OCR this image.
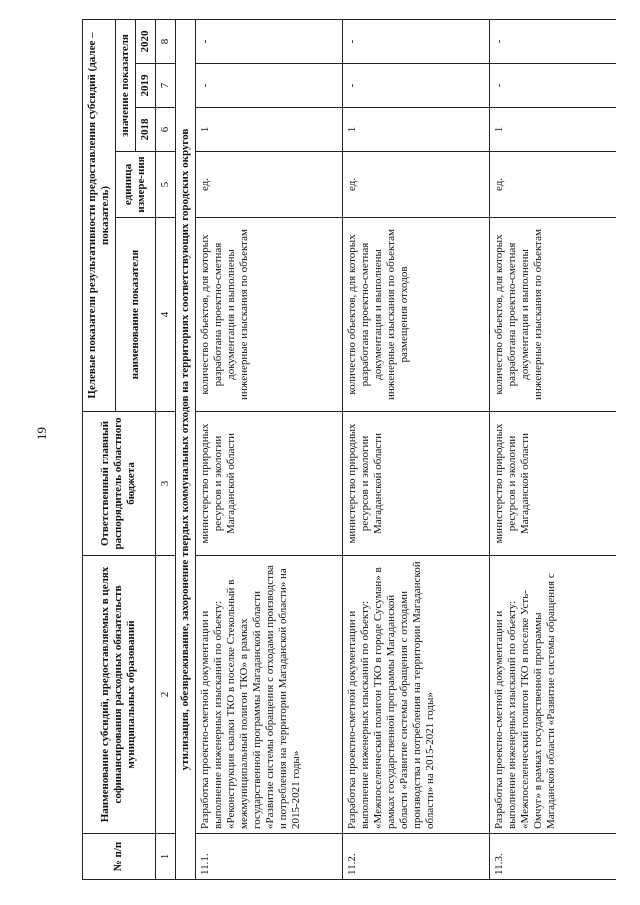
19
№ п/п	Наименование субсидий, предоставляемых в целях софинансирования расходных обязательств муниципальных образований	Ответственный главный распорядитель областного бюджета	Целевые показатели результативности предоставления субсидий (далее – показатель)				
			наименование показателя	единица измере-ния	значение показателя		
					2018	2019	2020
1	2	3	4	5	6	7	8
утилизация, обезвреживание, захоронение твердых коммунальных отходов на территориях соответствующих городских округов							
11.1.	Разработка проектно-сметной документации и выполнение инженерных изысканий по объекту: «Реконструкция свалки ТКО в поселке Стекольный в межмуниципальный полигон ТКО» в рамках государственной программы Магаданской области «Развитие системы обращения с отходами производства и потребления на территории Магаданской области» на 2015-2021 годы»	министерство природных ресурсов и экологии Магаданской области	количество объектов, для которых разработана проектно-сметная документация и выполнены инженерные изыскания по объектам	ед.	1	-	-
11.2.	Разработка проектно-сметной документации и выполнение инженерных изысканий по объекту: «Межпоселенческий полигон ТКО в городе Сусуман» в рамках государственной программы Магаданской области «Развитие системы обращения с отходами производства и потребления на территории Магаданской области» на 2015-2021 годы»	министерство природных ресурсов и экологии Магаданской области	количество объектов, для которых разработана проектно-сметная документация и выполнены инженерные изыскания по объектам размещения отходов	ед.	1	-	-
11.3.	Разработка проектно-сметной документации и выполнение инженерных изысканий по объекту: «Межпоселенческий полигон ТКО в поселке Усть-Омчуг» в рамках государственной программы Магаданской области «Развитие системы обращения с	министерство природных ресурсов и экологии Магаданской области	количество объектов, для которых разработана проектно-сметная документация и выполнены инженерные изыскания по объектам	ед.	1	-	-
